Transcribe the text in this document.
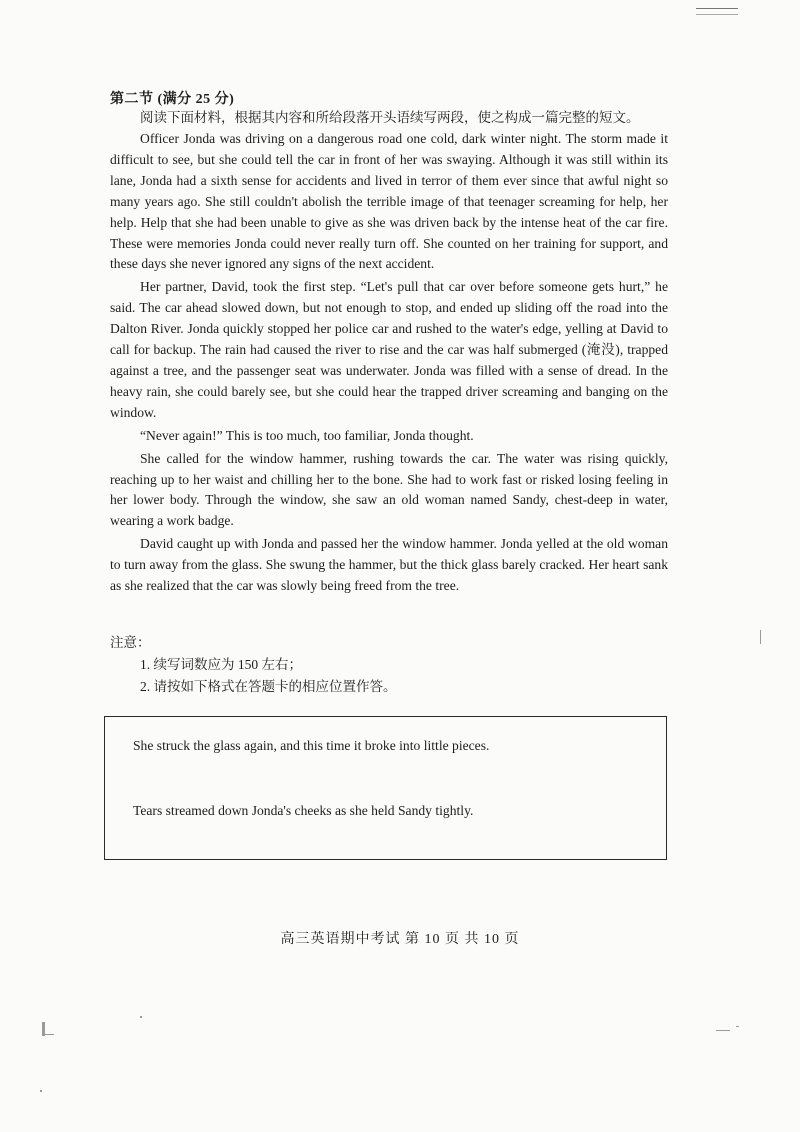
第二节 (满分 25 分)
阅读下面材料，根据其内容和所给段落开头语续写两段，使之构成一篇完整的短文。

Officer Jonda was driving on a dangerous road one cold, dark winter night. The storm made it difficult to see, but she could tell the car in front of her was swaying. Although it was still within its lane, Jonda had a sixth sense for accidents and lived in terror of them ever since that awful night so many years ago. She still couldn't abolish the terrible image of that teenager screaming for help, her help. Help that she had been unable to give as she was driven back by the intense heat of the car fire. These were memories Jonda could never really turn off. She counted on her training for support, and these days she never ignored any signs of the next accident.

Her partner, David, took the first step. “Let's pull that car over before someone gets hurt,” he said. The car ahead slowed down, but not enough to stop, and ended up sliding off the road into the Dalton River. Jonda quickly stopped her police car and rushed to the water's edge, yelling at David to call for backup. The rain had caused the river to rise and the car was half submerged (淹没), trapped against a tree, and the passenger seat was underwater. Jonda was filled with a sense of dread. In the heavy rain, she could barely see, but she could hear the trapped driver screaming and banging on the window.

“Never again!” This is too much, too familiar, Jonda thought.

She called for the window hammer, rushing towards the car. The water was rising quickly, reaching up to her waist and chilling her to the bone. She had to work fast or risked losing feeling in her lower body. Through the window, she saw an old woman named Sandy, chest-deep in water, wearing a work badge.

David caught up with Jonda and passed her the window hammer. Jonda yelled at the old woman to turn away from the glass. She swung the hammer, but the thick glass barely cracked. Her heart sank as she realized that the car was slowly being freed from the tree.

注意：
1. 续写词数应为 150 左右；
2. 请按如下格式在答题卡的相应位置作答。
She struck the glass again, and this time it broke into little pieces.
Tears streamed down Jonda's cheeks as she held Sandy tightly.
高三英语期中考试 第 10 页 共 10 页
